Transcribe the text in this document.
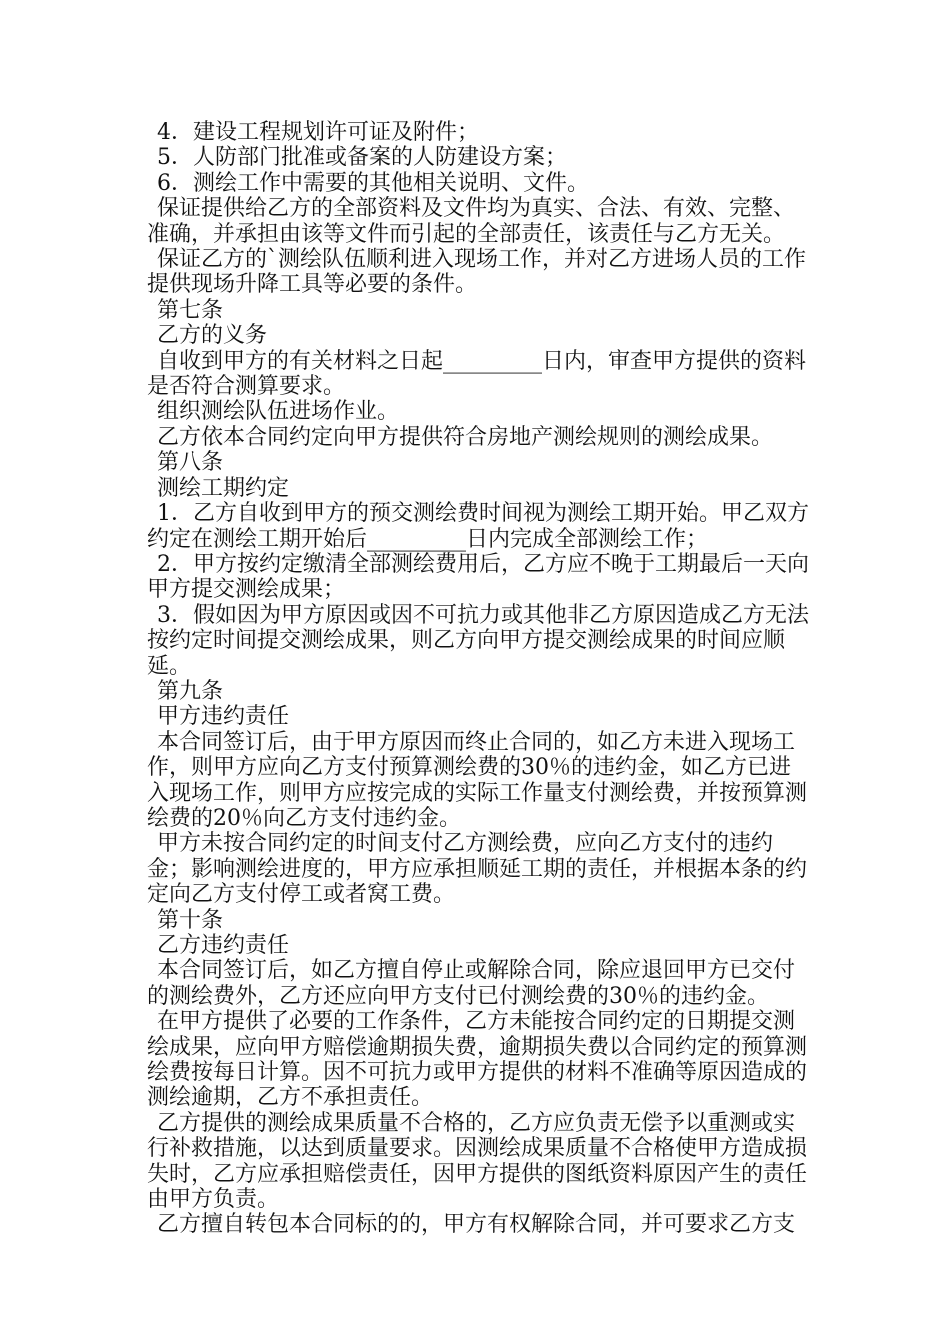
4．建设工程规划许可证及附件；

5．人防部门批准或备案的人防建设方案；

6．测绘工作中需要的其他相关说明、文件。

保证提供给乙方的全部资料及文件均为真实、合法、有效、完整、准确，并承担由该等文件而引起的全部责任，该责任与乙方无关。

保证乙方的`测绘队伍顺利进入现场工作，并对乙方进场人员的工作提供现场升降工具等必要的条件。

第七条

乙方的义务

自收到甲方的有关材料之日起_________日内，审查甲方提供的资料是否符合测算要求。

组织测绘队伍进场作业。

乙方依本合同约定向甲方提供符合房地产测绘规则的测绘成果。

第八条

测绘工期约定

1．乙方自收到甲方的预交测绘费时间视为测绘工期开始。甲乙双方约定在测绘工期开始后_________日内完成全部测绘工作；

2．甲方按约定缴清全部测绘费用后，乙方应不晚于工期最后一天向甲方提交测绘成果；

3．假如因为甲方原因或因不可抗力或其他非乙方原因造成乙方无法按约定时间提交测绘成果，则乙方向甲方提交测绘成果的时间应顺延。

第九条

甲方违约责任

本合同签订后，由于甲方原因而终止合同的，如乙方未进入现场工作，则甲方应向乙方支付预算测绘费的30％的违约金，如乙方已进入现场工作，则甲方应按完成的实际工作量支付测绘费，并按预算测绘费的20％向乙方支付违约金。

甲方未按合同约定的时间支付乙方测绘费，应向乙方支付的违约金；影响测绘进度的，甲方应承担顺延工期的责任，并根据本条的约定向乙方支付停工或者窝工费。

第十条

乙方违约责任

本合同签订后，如乙方擅自停止或解除合同，除应退回甲方已交付的测绘费外，乙方还应向甲方支付已付测绘费的30％的违约金。

在甲方提供了必要的工作条件，乙方未能按合同约定的日期提交测绘成果，应向甲方赔偿逾期损失费，逾期损失费以合同约定的预算测绘费按每日计算。因不可抗力或甲方提供的材料不准确等原因造成的测绘逾期，乙方不承担责任。

乙方提供的测绘成果质量不合格的，乙方应负责无偿予以重测或实行补救措施，以达到质量要求。因测绘成果质量不合格使甲方造成损失时，乙方应承担赔偿责任，因甲方提供的图纸资料原因产生的责任由甲方负责。

乙方擅自转包本合同标的的，甲方有权解除合同，并可要求乙方支
